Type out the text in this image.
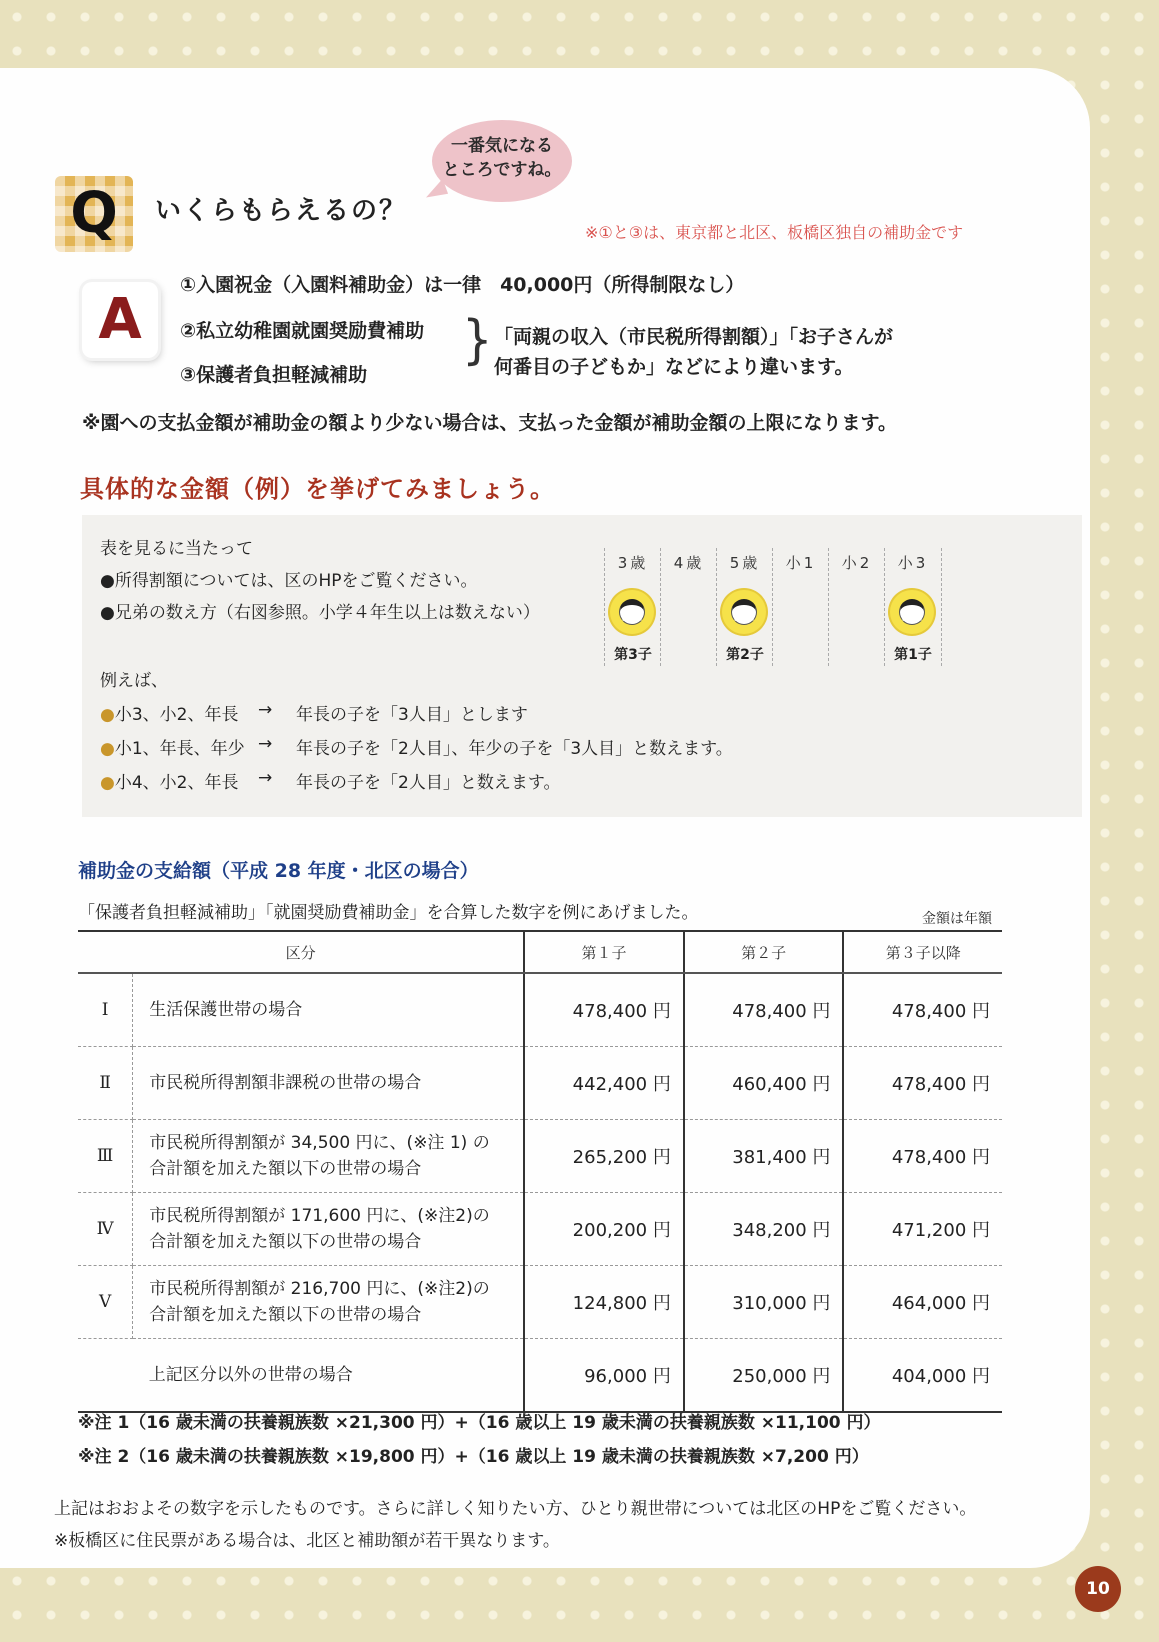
Q	いくらもらえるの？
一番気になる
ところですね。
※①と③は、東京都と北区、板橋区独自の補助金です
A
①入園祝金（入園料補助金）は一律　40,000円（所得制限なし）
②私立幼稚園就園奨励費補助
③保護者負担軽減補助
} 「両親の収入（市民税所得割額）」「お子さんが
何番目の子どもか」などにより違います。
※園への支払金額が補助金の額より少ない場合は、支払った金額が補助金額の上限になります。
具体的な金額（例）を挙げてみましょう。
表を見るに当たって
●所得割額については、区のHPをご覧ください。
●兄弟の数え方（右図参照。小学４年生以上は数えない）
例えば、
●小3、小2、年長 → 年長の子を「3人目」とします
●小1、年長、年少 → 年長の子を「2人目」、年少の子を「3人目」と数えます。
●小4、小2、年長 → 年長の子を「2人目」と数えます。
3歳
第3子
4歳	5歳
第2子
小1	小2	小3
第1子
補助金の支給額（平成 28 年度・北区の場合）
「保護者負担軽減補助」「就園奨励費補助金」を合算した数字を例にあげました。	金額は年額
区分		第１子	第２子	第３子以降
Ⅰ	生活保護世帯の場合	478,400 円	478,400 円	478,400 円
Ⅱ	市民税所得割額非課税の世帯の場合	442,400 円	460,400 円	478,400 円
Ⅲ	市民税所得割額が 34,500 円に、(※注 1) の
合計額を加えた額以下の世帯の場合	265,200 円	381,400 円	478,400 円
Ⅳ	市民税所得割額が 171,600 円に、(※注2)の
合計額を加えた額以下の世帯の場合	200,200 円	348,200 円	471,200 円
Ⅴ	市民税所得割額が 216,700 円に、(※注2)の
合計額を加えた額以下の世帯の場合	124,800 円	310,000 円	464,000 円

	上記区分以外の世帯の場合	96,000 円	250,000 円	404,000 円
※注 1（16 歳未満の扶養親族数 ×21,300 円）+（16 歳以上 19 歳未満の扶養親族数 ×11,100 円）
※注 2（16 歳未満の扶養親族数 ×19,800 円）+（16 歳以上 19 歳未満の扶養親族数 ×7,200 円）
上記はおおよその数字を示したものです。さらに詳しく知りたい方、ひとり親世帯については北区のHPをご覧ください。
※板橋区に住民票がある場合は、北区と補助額が若干異なります。
10
